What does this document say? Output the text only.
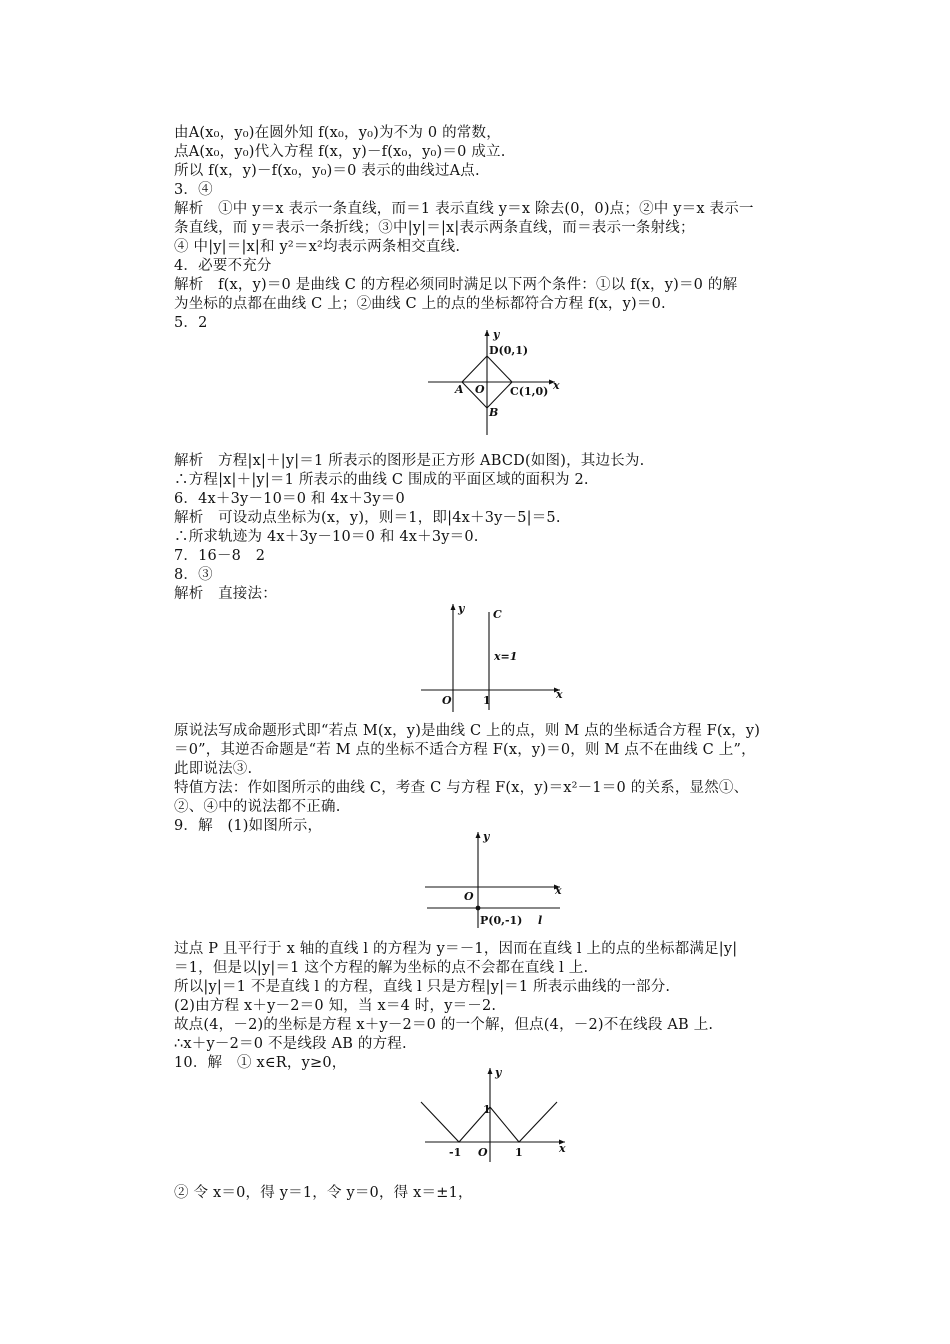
由A(x₀，y₀)在圆外知 f(x₀，y₀)为不为 0 的常数，
点A(x₀，y₀)代入方程 f(x，y)－f(x₀，y₀)＝0 成立.
所以 f(x，y)－f(x₀，y₀)＝0 表示的曲线过A点.
3．④
解析　①中 y＝x 表示一条直线，而＝1 表示直线 y＝x 除去(0，0)点；②中 y＝x 表示一
条直线，而 y＝表示一条折线；③中|y|＝|x|表示两条直线，而＝表示一条射线；
④ 中|y|＝|x|和 y²＝x²均表示两条相交直线.
4．必要不充分
解析　f(x，y)＝0 是曲线 C 的方程必须同时满足以下两个条件：①以 f(x，y)＝0 的解
为坐标的点都在曲线 C 上；②曲线 C 上的点的坐标都符合方程 f(x，y)＝0.
5．2
y
D(0,1)
A O C(1,0)
B
x
解析　方程|x|＋|y|＝1 所表示的图形是正方形 ABCD(如图)，其边长为.
∴方程|x|＋|y|＝1 所表示的曲线 C 围成的平面区域的面积为 2.
6．4x＋3y－10＝0 和 4x＋3y＝0
解析　可设动点坐标为(x，y)，则＝1，即|4x＋3y－5|＝5.
∴所求轨迹为 4x＋3y－10＝0 和 4x＋3y＝0.
7．16－8　2
8．③
解析　直接法：
y	C
x=1
O	1	x
原说法写成命题形式即“若点 M(x，y)是曲线 C 上的点，则 M 点的坐标适合方程 F(x，y)
＝0”，其逆否命题是“若 M 点的坐标不适合方程 F(x，y)＝0，则 M 点不在曲线 C 上”，
此即说法③.
特值方法：作如图所示的曲线 C，考查 C 与方程 F(x，y)＝x²－1＝0 的关系，显然①、
②、④中的说法都不正确.
9．解　(1)如图所示，
y
O	x
P(0,-1) l
过点 P 且平行于 x 轴的直线 l 的方程为 y＝－1，因而在直线 l 上的点的坐标都满足|y|
＝1，但是以|y|＝1 这个方程的解为坐标的点不会都在直线 l 上.
所以|y|＝1 不是直线 l 的方程，直线 l 只是方程|y|＝1 所表示曲线的一部分.
(2)由方程 x＋y－2＝0 知，当 x＝4 时，y＝－2.
故点(4，－2)的坐标是方程 x＋y－2＝0 的一个解，但点(4，－2)不在线段 AB 上.
∴x＋y－2＝0 不是线段 AB 的方程.
10．解　① x∈R，y≥0，
y
1
-1 O 1	x
② 令 x＝0，得 y＝1，令 y＝0，得 x＝±1，
